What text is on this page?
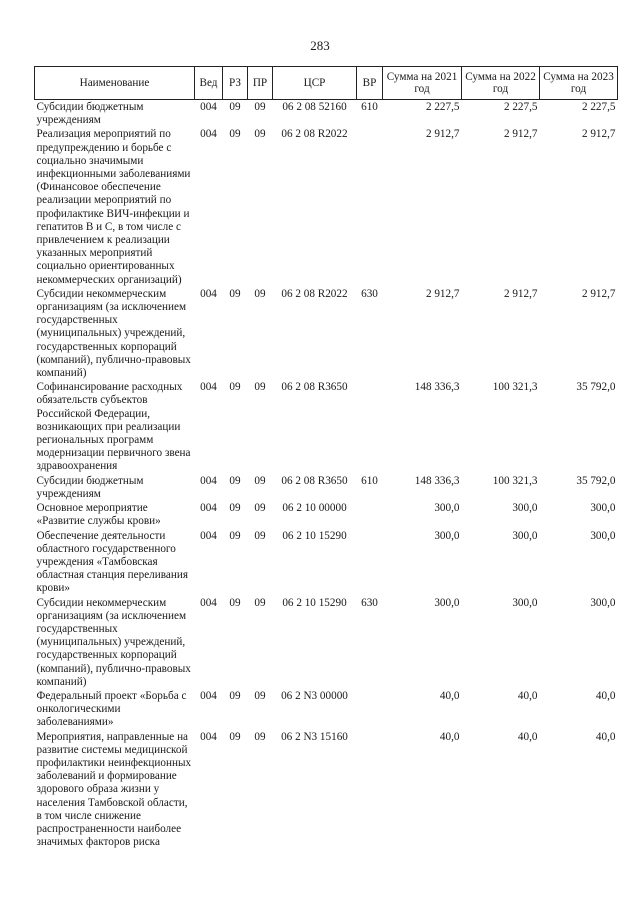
283
Наименование	Вед	РЗ	ПР	ЦСР	ВР	Сумма на 2021 год	Сумма на 2022 год	Сумма на 2023 год
Субсидии бюджетным учреждениям	004	09	09	06 2 08 52160	610	2 227,5	2 227,5	2 227,5
Реализация мероприятий по предупреждению и борьбе с социально значимыми инфекционными заболеваниями (Финансовое обеспечение реализации мероприятий по профилактике ВИЧ-инфекции и гепатитов В и С, в том числе с привлечением к реализации указанных мероприятий социально ориентированных некоммерческих организаций)	004	09	09	06 2 08 R2022		2 912,7	2 912,7	2 912,7
Субсидии некоммерческим организациям (за исключением государственных (муниципальных) учреждений, государственных корпораций (компаний), публично-правовых компаний)	004	09	09	06 2 08 R2022	630	2 912,7	2 912,7	2 912,7
Софинансирование расходных обязательств субъектов Российской Федерации, возникающих при реализации региональных программ модернизации первичного звена здравоохранения	004	09	09	06 2 08 R3650		148 336,3	100 321,3	35 792,0
Субсидии бюджетным учреждениям	004	09	09	06 2 08 R3650	610	148 336,3	100 321,3	35 792,0
Основное мероприятие «Развитие службы крови»	004	09	09	06 2 10 00000		300,0	300,0	300,0
Обеспечение деятельности областного государственного учреждения «Тамбовская областная станция переливания крови»	004	09	09	06 2 10 15290		300,0	300,0	300,0
Субсидии некоммерческим организациям (за исключением государственных (муниципальных) учреждений, государственных корпораций (компаний), публично-правовых компаний)	004	09	09	06 2 10 15290	630	300,0	300,0	300,0
Федеральный проект «Борьба с онкологическими заболеваниями»	004	09	09	06 2 N3 00000		40,0	40,0	40,0
Мероприятия, направленные на развитие системы медицинской профилактики неинфекционных заболеваний и формирование здорового образа жизни у населения Тамбовской области, в том числе снижение распространенности наиболее значимых факторов риска	004	09	09	06 2 N3 15160		40,0	40,0	40,0
